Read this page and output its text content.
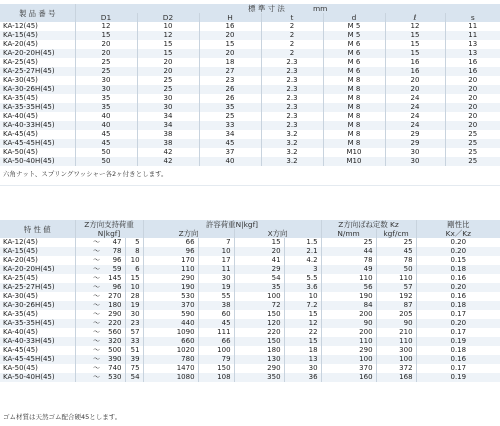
製 品 番 号	標 準 寸 法 mm						
	D1	D2	H	t	d	ℓ	s
KA-12(45)	12	10	16	2	M 5	12	11
KA-15(45)	15	12	20	2	M 5	15	11
KA-20(45)	20	15	15	2	M 6	15	13
KA-20-20H(45)	20	15	20	2	M 6	15	13
KA-25(45)	25	20	18	2.3	M 6	16	16
KA-25-27H(45)	25	20	27	2.3	M 6	16	16
KA-30(45)	30	25	23	2.3	M 8	20	20
KA-30-26H(45)	30	25	26	2.3	M 8	20	20
KA-35(45)	35	30	26	2.3	M 8	24	20
KA-35-35H(45)	35	30	35	2.3	M 8	24	20
KA-40(45)	40	34	25	2.3	M 8	24	20
KA-40-33H(45)	40	34	33	2.3	M 8	24	20
KA-45(45)	45	38	34	3.2	M 8	29	25
KA-45-45H(45)	45	38	45	3.2	M 8	29	25
KA-50(45)	50	42	37	3.2	M10	30	25
KA-50-40H(45)	50	42	40	3.2	M10	30	25
六角ナット、スプリングワッシャー各2ヶ付きとします。
特 性 値	Z方向支持荷重			許容荷重N|kgf]				Z方向ばね定数 Kz		剛性比
	N|kgf]			Z方向		X方向		N/mm	kgf/cm	Kx／Kz
KA-12(45)	～	47	5	66	7	15	1.5	25	25	0.20
KA-15(45)	～	78	8	96	10	20	2.1	44	45	0.20
KA-20(45)	～	96	10	170	17	41	4.2	78	78	0.15
KA-20-20H(45)	～	59	6	110	11	29	3	49	50	0.18
KA-25(45)	～	145	15	290	30	54	5.5	110	110	0.16
KA-25-27H(45)	～	96	10	190	19	35	3.6	56	57	0.20
KA-30(45)	～	270	28	530	55	100	10	190	192	0.16
KA-30-26H(45)	～	180	19	370	38	72	7.2	84	87	0.18
KA-35(45)	～	290	30	590	60	150	15	200	205	0.17
KA-35-35H(45)	～	220	23	440	45	120	12	90	90	0.20
KA-40(45)	～	560	57	1090	111	220	22	200	210	0.17
KA-40-33H(45)	～	320	33	660	66	150	15	110	110	0.19
KA-45(45)	～	500	51	1020	100	180	18	290	300	0.18
KA-45-45H(45)	～	390	39	780	79	130	13	100	100	0.16
KA-50(45)	～	740	75	1470	150	290	30	370	372	0.17
KA-50-40H(45)	～	530	54	1080	108	350	36	160	168	0.19
ゴム材質は天然ゴム配合硬45とします。
